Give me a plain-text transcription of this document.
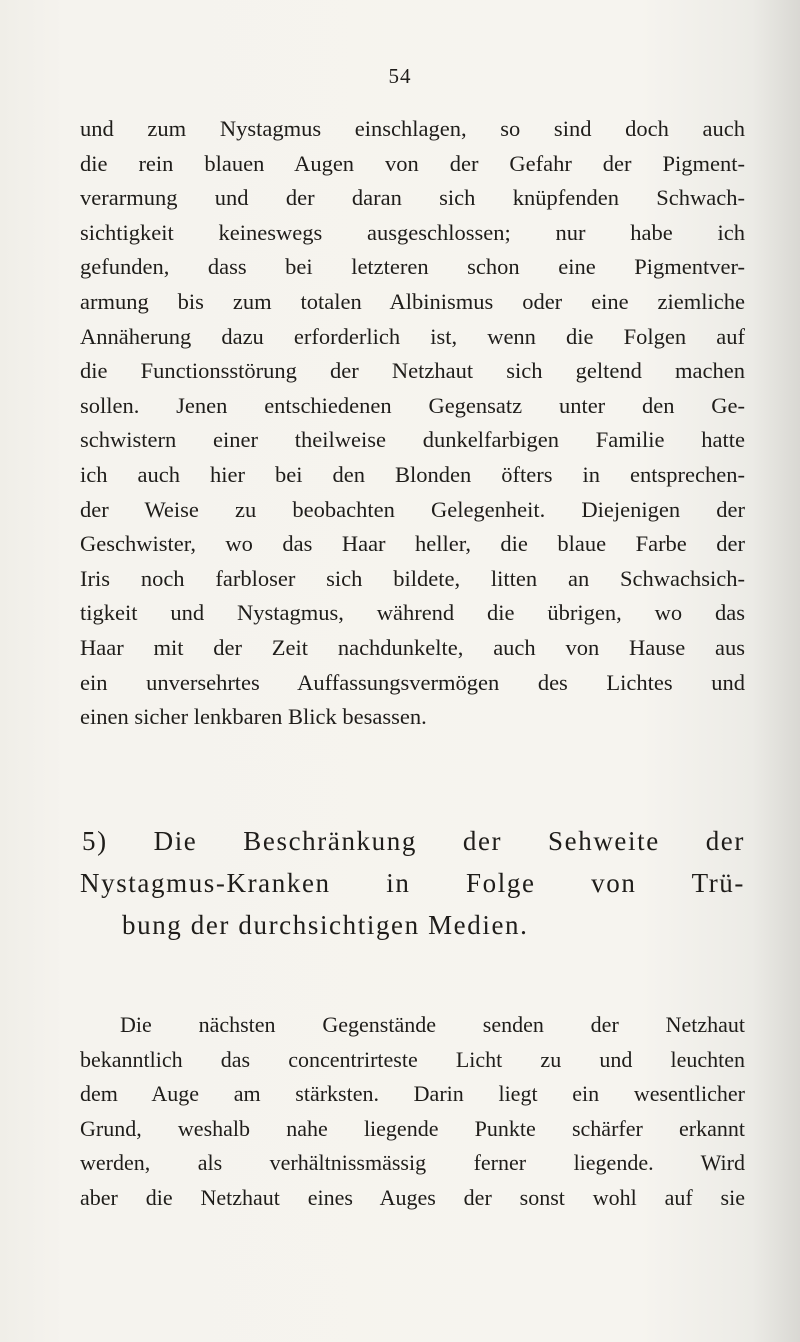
54
und zum Nystagmus einschlagen, so sind doch auch
die rein blauen Augen von der Gefahr der Pigment-
verarmung und der daran sich knüpfenden Schwach-
sichtigkeit keineswegs ausgeschlossen; nur habe ich
gefunden, dass bei letzteren schon eine Pigmentver-
armung bis zum totalen Albinismus oder eine ziemliche
Annäherung dazu erforderlich ist, wenn die Folgen auf
die Functionsstörung der Netzhaut sich geltend machen
sollen. Jenen entschiedenen Gegensatz unter den Ge-
schwistern einer theilweise dunkelfarbigen Familie hatte
ich auch hier bei den Blonden öfters in entsprechen-
der Weise zu beobachten Gelegenheit. Diejenigen der
Geschwister, wo das Haar heller, die blaue Farbe der
Iris noch farbloser sich bildete, litten an Schwachsich-
tigkeit und Nystagmus, während die übrigen, wo das
Haar mit der Zeit nachdunkelte, auch von Hause aus
ein unversehrtes Auffassungsvermögen des Lichtes und
einen sicher lenkbaren Blick besassen.
5) Die Beschränkung der Sehweite der
Nystagmus-Kranken in Folge von Trü-
bung der durchsichtigen Medien.
Die nächsten Gegenstände senden der Netzhaut
bekanntlich das concentrirteste Licht zu und leuchten
dem Auge am stärksten. Darin liegt ein wesentlicher
Grund, weshalb nahe liegende Punkte schärfer erkannt
werden, als verhältnissmässig ferner liegende. Wird
aber die Netzhaut eines Auges der sonst wohl auf sie
